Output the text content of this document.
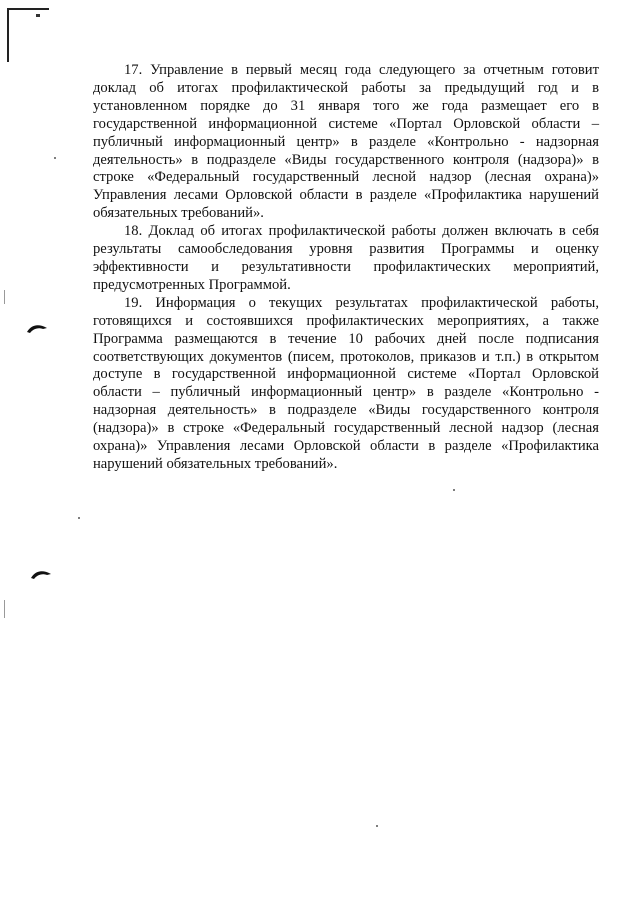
17. Управление в первый месяц года следующего за отчетным готовит доклад об итогах профилактической работы за предыдущий год и в установленном порядке до 31 января того же года размещает его в государственной информационной системе «Портал Орловской области – публичный информационный центр» в разделе «Контрольно - надзорная деятельность» в подразделе «Виды государственного контроля (надзора)» в строке «Федеральный государственный лесной надзор (лесная охрана)» Управления лесами Орловской области в разделе «Профилактика нарушений обязательных требований».

18. Доклад об итогах профилактической работы должен включать в себя результаты самообследования уровня развития Программы и оценку эффективности и результативности профилактических мероприятий, предусмотренных Программой.

19. Информация о текущих результатах профилактической работы, готовящихся и состоявшихся профилактических мероприятиях, а также Программа размещаются в течение 10 рабочих дней после подписания соответствующих документов (писем, протоколов, приказов и т.п.) в открытом доступе в государственной информационной системе «Портал Орловской области – публичный информационный центр» в разделе «Контрольно - надзорная деятельность» в подразделе «Виды государственного контроля (надзора)» в строке «Федеральный государственный лесной надзор (лесная охрана)» Управления лесами Орловской области в разделе «Профилактика нарушений обязательных требований».
